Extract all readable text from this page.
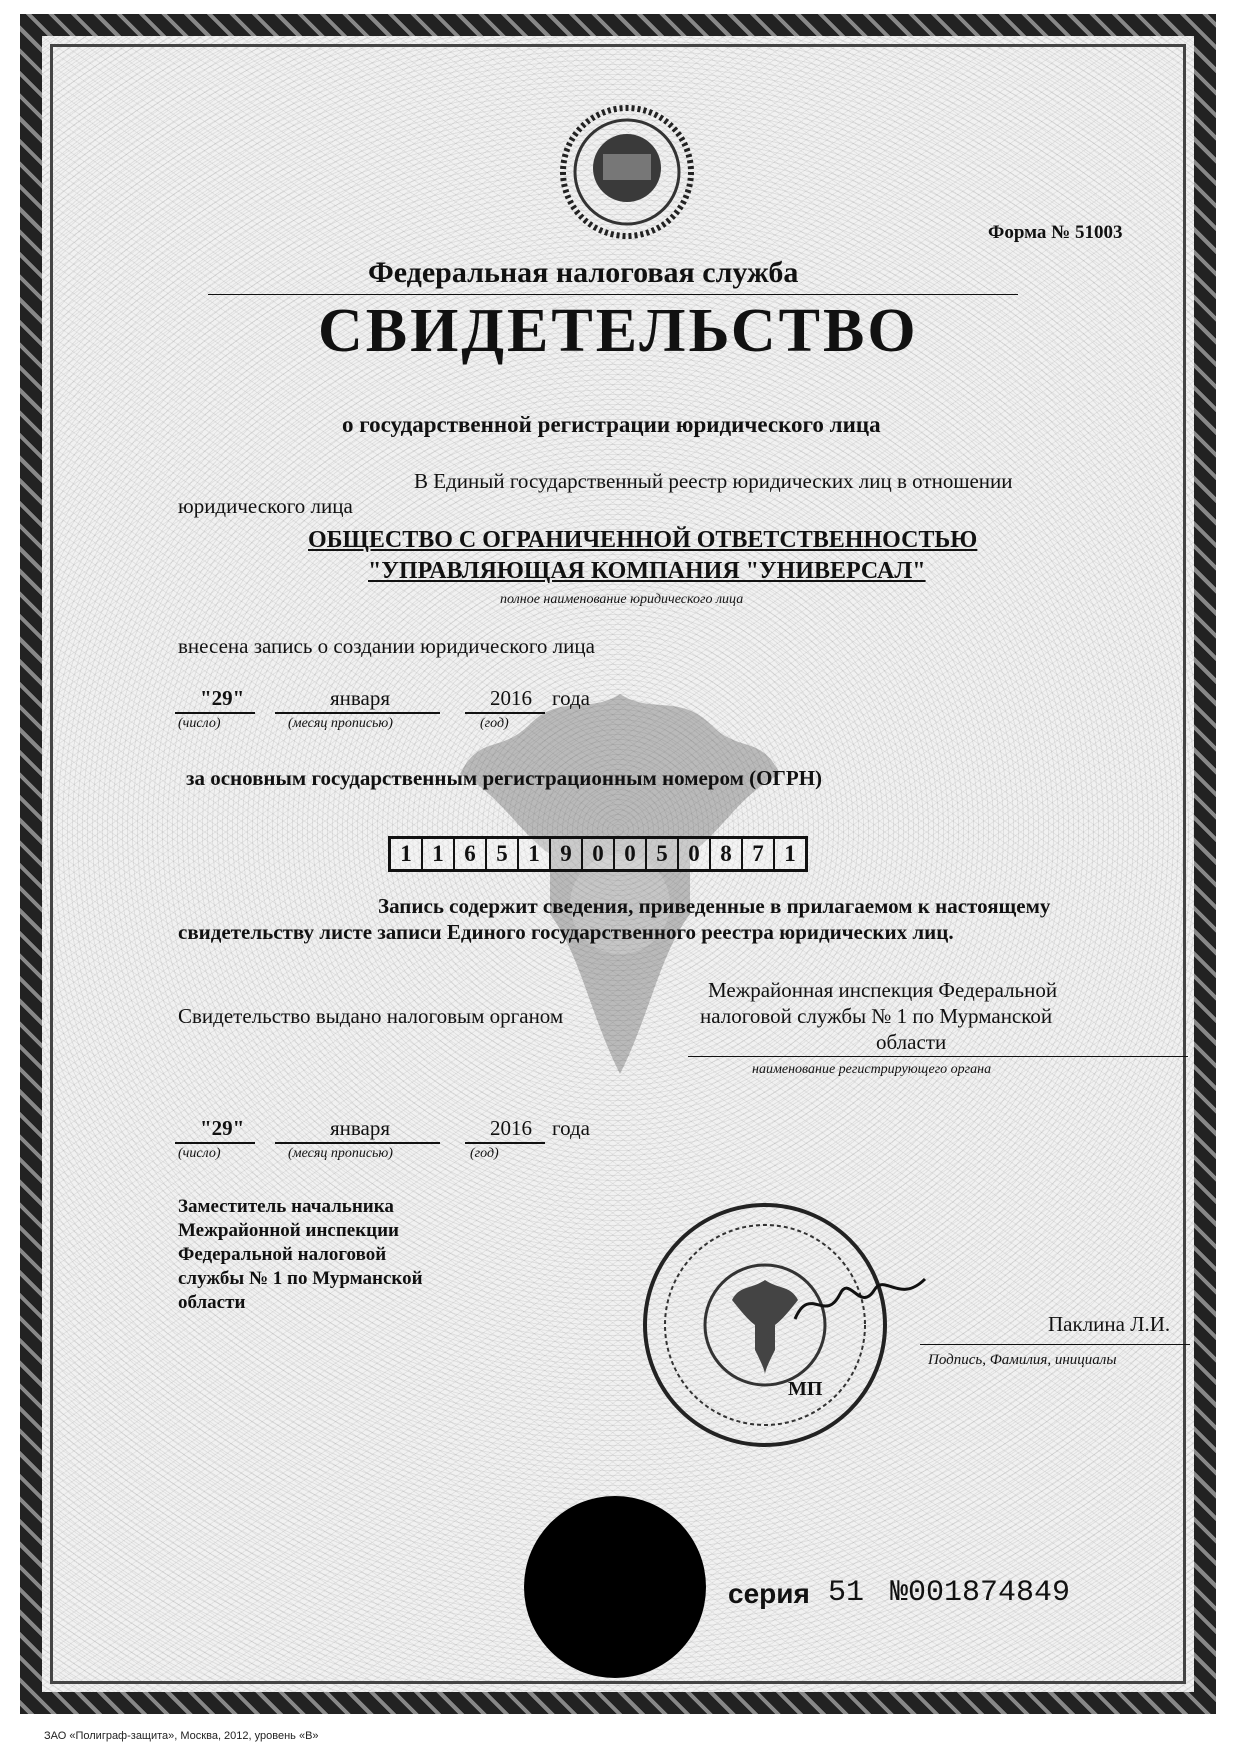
Форма № 51003
Федеральная налоговая служба
СВИДЕТЕЛЬСТВО
о государственной регистрации юридического лица
В Единый государственный реестр юридических лиц в отношении
юридического лица
ОБЩЕСТВО С ОГРАНИЧЕННОЙ ОТВЕТСТВЕННОСТЬЮ
"УПРАВЛЯЮЩАЯ КОМПАНИЯ "УНИВЕРСАЛ"
полное наименование юридического лица
внесена запись о создании юридического лица
"29"	января	2016 года
(число)	(месяц прописью)	(год)
за основным государственным регистрационным номером (ОГРН)
1 1 6 5 1 9 0 0 5 0 8 7 1
Запись содержит сведения, приведенные в прилагаемом к настоящему
свидетельству листе записи Единого государственного реестра юридических лиц.
Свидетельство выдано налоговым органом
Межрайонная инспекция Федеральной
налоговой службы № 1 по Мурманской
области
наименование регистрирующего органа
"29"	января	2016 года
(число)	(месяц прописью)	(год)
Заместитель начальника
Межрайонной инспекции
Федеральной налоговой
службы № 1 по Мурманской
области
МП
Паклина Л.И.
Подпись, Фамилия, инициалы
серия 51 №001874849
ЗАО «Полиграф-защита», Москва, 2012, уровень «В»
